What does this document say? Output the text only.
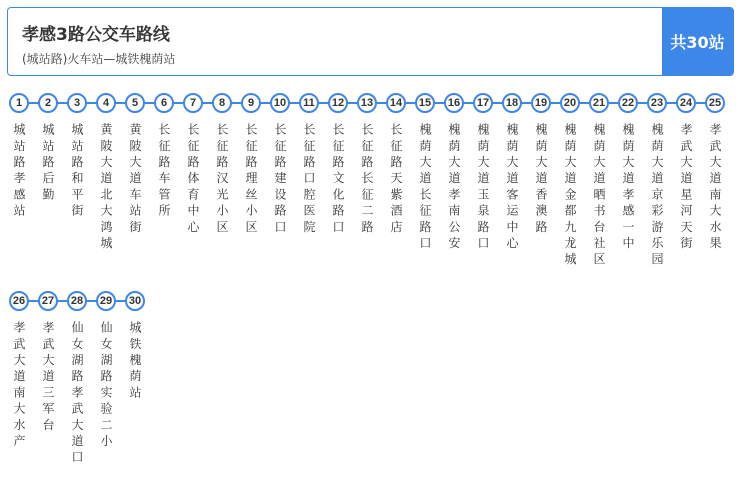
孝感3路公交车路线
(城站路)火车站—城铁槐荫站
共30站
1
城站路孝感站
2
城站路后勤
3
城站路和平街
4
黄陂大道北大鸿城
5
黄陂大道车站街
6
长征路车管所
7
长征路体育中心
8
长征路汉光小区
9
长征路理丝小区
10
长征路建设路口
11
长征路口腔医院
12
长征路文化路口
13
长征路长征二路
14
长征路天紫酒店
15
槐荫大道长征路口
16
槐荫大道孝南公安
17
槐荫大道玉泉路口
18
槐荫大道客运中心
19
槐荫大道香澳路
20
槐荫大道金都九龙城
21
槐荫大道晒书台社区
22
槐荫大道孝感一中
23
槐荫大道京彩游乐园
24
孝武大道星河天街
25
孝武大道南大水果
26
孝武大道南大水产
27
孝武大道三军台
28
仙女湖路孝武大道口
29
仙女湖路实验二小
30
城铁槐荫站
